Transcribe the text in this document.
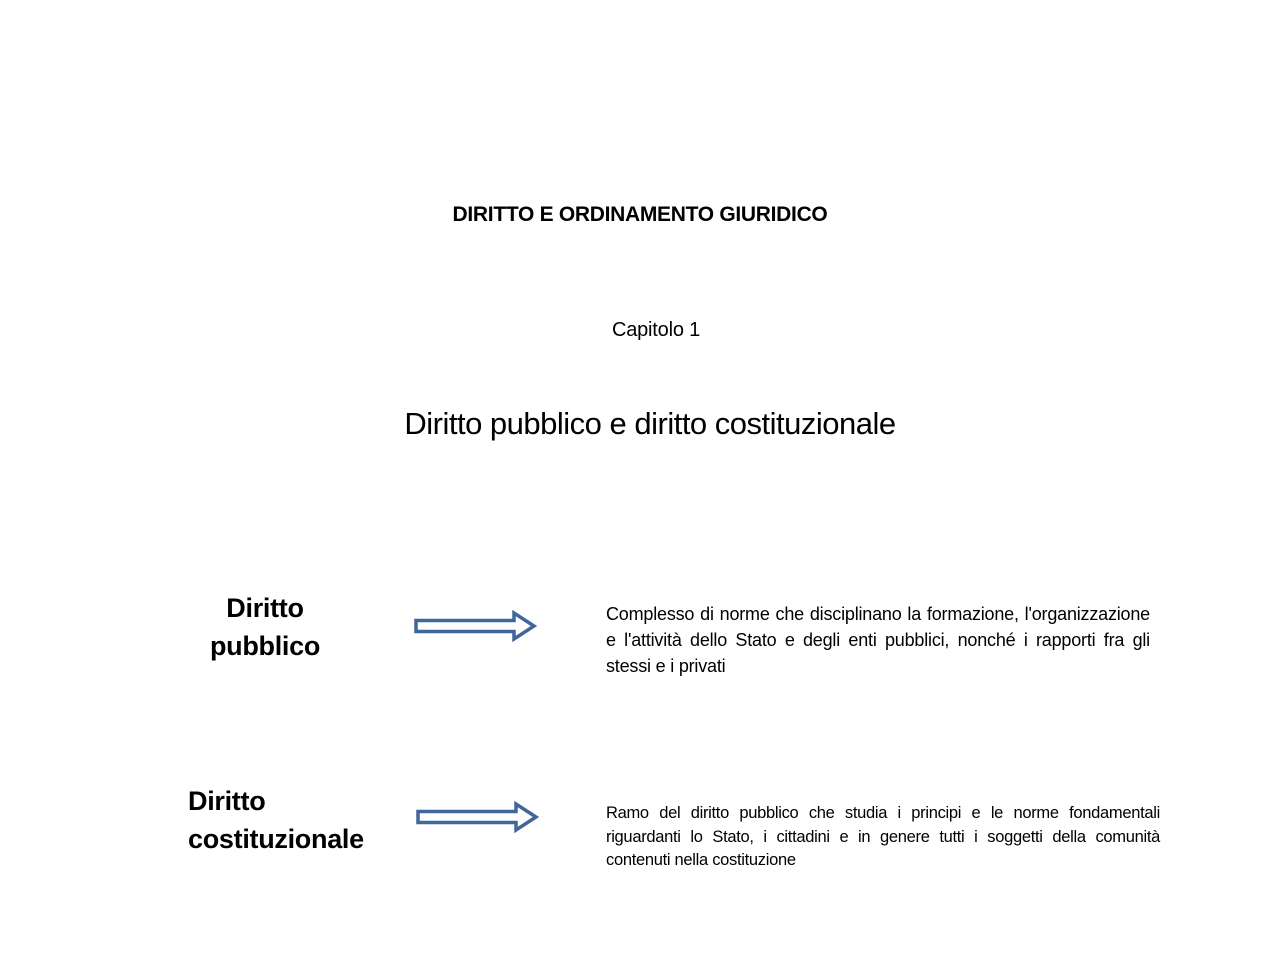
DIRITTO E ORDINAMENTO GIURIDICO
Capitolo 1
Diritto pubblico e diritto costituzionale
Diritto
pubblico
Complesso di norme che disciplinano la formazione, l'organizzazione e l'attività dello Stato e degli enti pubblici, nonché i rapporti fra gli stessi e i privati
Diritto
costituzionale
Ramo del diritto pubblico che studia i principi e le norme fondamentali riguardanti lo Stato, i cittadini e in genere tutti i soggetti della comunità contenuti nella costituzione
